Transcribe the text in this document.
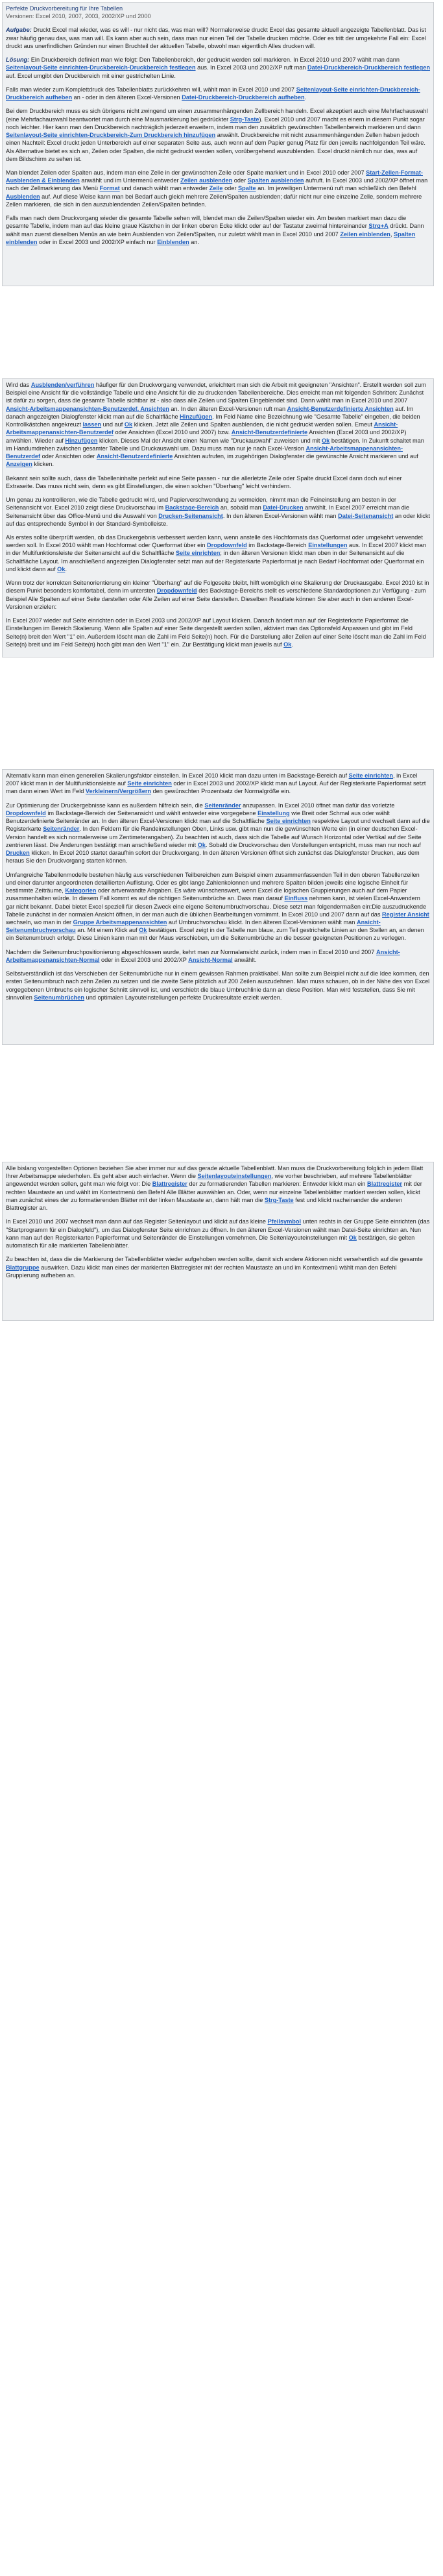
Perfekte Druckvorbereitung für Ihre Tabellen

Versionen: Excel 2010, 2007, 2003, 2002/XP und 2000

Aufgabe: Druckt Excel mal wieder, was es will - nur nicht das, was man will? Normalerweise druckt Excel das gesamte aktuell angezeigte Tabellenblatt. Das ist zwar häufig genau das, was man will. Es kann aber auch sein, dass man nur einen Teil der Tabelle drucken möchte. Oder es tritt der umgekehrte Fall ein: Excel druckt aus unerfindlichen Gründen nur einen Bruchteil der aktuellen Tabelle, obwohl man eigentlich Alles drucken will.

Lösung: Ein Druckbereich definiert man wie folgt: Den Tabellenbereich, der gedruckt werden soll markieren. In Excel 2010 und 2007 wählt man dann Seitenlayout-Seite einrichten-Druckbereich-Druckbereich festlegen aus. In Excel 2003 und 2002/XP ruft man Datei-Druckbereich-Druckbereich festlegen auf. Excel umgibt den Druckbereich mit einer gestrichelten Linie.

Falls man wieder zum Komplettdruck des Tabellenblatts zurückkehren will, wählt man in Excel 2010 und 2007 Seitenlayout-Seite einrichten-Druckbereich-Druckbereich aufheben an - oder in den älteren Excel-Versionen Datei-Druckbereich-Druckbereich aufheben.

Bei dem Druckbereich muss es sich übrigens nicht zwingend um einen zusammenhängenden Zellbereich handeln. Excel akzeptiert auch eine Mehrfachauswahl (eine Mehrfachauswahl beantwortet man durch eine Mausmarkierung bei gedrückter Strg-Taste). Excel 2010 und 2007 macht es einem in diesem Punkt sogar noch leichter. Hier kann man den Druckbereich nachträglich jederzeit erweitern, indem man den zusätzlich gewünschten Tabellenbereich markieren und dann Seitenlayout-Seite einrichten-Druckbereich-Zum Druckbereich hinzufügen anwählt. Druckbereiche mit nicht zusammenhängenden Zellen haben jedoch einen Nachteil: Excel druckt jeden Unterbereich auf einer separaten Seite aus, auch wenn auf dem Papier genug Platz für den jeweils nachfolgenden Teil wäre. Als Alternative bietet es sich an, Zeilen oder Spalten, die nicht gedruckt werden sollen, vorübergehend auszublenden. Excel druckt nämlich nur das, was auf dem Bildschirm zu sehen ist.

Man blendet Zeilen oder Spalten aus, indem man eine Zelle in der gewünschten Zeile oder Spalte markiert und in Excel 2010 oder 2007 Start-Zellen-Format-Ausblenden & Einblenden anwählt und im Untermenü entweder Zeilen ausblenden oder Spalten ausblenden aufruft. In Excel 2003 und 2002/XP öffnet man nach der Zellmarkierung das Menü Format und danach wählt man entweder Zeile oder Spalte an. Im jeweiligen Untermenü ruft man schließlich den Befehl Ausblenden auf. Auf diese Weise kann man bei Bedarf auch gleich mehrere Zeilen/Spalten ausblenden; dafür nicht nur eine einzelne Zelle, sondern mehrere Zellen markieren, die sich in den auszublendenden Zeilen/Spalten befinden.

Falls man nach dem Druckvorgang wieder die gesamte Tabelle sehen will, blendet man die Zeilen/Spalten wieder ein. Am besten markiert man dazu die gesamte Tabelle, indem man auf das kleine graue Kästchen in der linken oberen Ecke klickt oder auf der Tastatur zweimal hintereinander Strg+A drückt. Dann wählt man zuerst dieselben Menüs an wie beim Ausblenden von Zeilen/Spalten, nur zuletzt wählt man in Excel 2010 und 2007 Zeilen einblenden, Spalten einblenden oder in Excel 2003 und 2002/XP einfach nur Einblenden an.

Wird das Ausblenden/verführen häufiger für den Druckvorgang verwendet, erleichtert man sich die Arbeit mit geeigneten "Ansichten". Erstellt werden soll zum Beispiel eine Ansicht für die vollständige Tabelle und eine Ansicht für die zu druckenden Tabellenbereiche. Dies erreicht man mit folgenden Schritten: Zunächst ist dafür zu sorgen, dass die gesamte Tabelle sichtbar ist - also dass alle Zeilen und Spalten Eingeblendet sind. Dann wählt man in Excel 2010 und 2007 Ansicht-Arbeitsmappenansichten-Benutzerdef. Ansichten an. In den älteren Excel-Versionen ruft man Ansicht-Benutzerdefinierte Ansichten auf. Im danach angezeigten Dialogfenster klickt man auf die Schaltfläche Hinzufügen. Im Feld Name eine Bezeichnung wie "Gesamte Tabelle" eingeben, die beiden Kontrollkästchen angekreuzt lassen und auf Ok klicken. Jetzt alle Zeilen und Spalten ausblenden, die nicht gedruckt werden sollen. Erneut Ansicht-Arbeitsmappenansichten-Benutzerdef oder Ansichten (Excel 2010 und 2007) bzw. Ansicht-Benutzerdefinierte Ansichten (Excel 2003 und 2002/XP) anwählen. Wieder auf Hinzufügen klicken. Dieses Mal der Ansicht einen Namen wie "Druckauswahl" zuweisen und mit Ok bestätigen. In Zukunft schaltet man im Handumdrehen zwischen gesamter Tabelle und Druckauswahl um. Dazu muss man nur je nach Excel-Version Ansicht-Arbeitsmappenansichten-Benutzerdef oder Ansichten oder Ansicht-Benutzerdefinierte Ansichten aufrufen, im zugehörigen Dialogfenster die gewünschte Ansicht markieren und auf Anzeigen klicken.

Bekannt sein sollte auch, dass die Tabelleninhalte perfekt auf eine Seite passen - nur die allerletzte Zeile oder Spalte druckt Excel dann doch auf einer Extraseite. Das muss nicht sein, denn es gibt Einstellungen, die einen solchen "Überhang" leicht verhindern.

Um genau zu kontrollieren, wie die Tabelle gedruckt wird, und Papierverschwendung zu vermeiden, nimmt man die Feineinstellung am besten in der Seitenansicht vor. Excel 2010 zeigt diese Druckvorschau im Backstage-Bereich an, sobald man Datei-Drucken anwählt. In Excel 2007 erreicht man die Seitenansicht über das Office-Menü und die Auswahl von Drucken-Seitenansicht. In den älteren Excel-Versionen wählt man Datei-Seitenansicht an oder klickt auf das entsprechende Symbol in der Standard-Symbolleiste.

Als erstes sollte überprüft werden, ob das Druckergebnis verbessert werden kann, wenn anstelle des Hochformats das Querformat oder umgekehrt verwendet werden soll. In Excel 2010 wählt man Hochformat oder Querformat über ein Dropdownfeld im Backstage-Bereich Einstellungen aus. In Excel 2007 klickt man in der Multifunktionsleiste der Seitenansicht auf die Schaltfläche Seite einrichten; in den älteren Versionen klickt man oben in der Seitenansicht auf die Schaltfläche Layout. Im anschließend angezeigten Dialogfenster setzt man auf der Registerkarte Papierformat je nach Bedarf Hochformat oder Querformat ein und klickt dann auf Ok.

Wenn trotz der korrekten Seitenorientierung ein kleiner "Überhang" auf die Folgeseite bleibt, hilft womöglich eine Skalierung der Druckausgabe. Excel 2010 ist in diesem Punkt besonders komfortabel, denn im untersten Dropdownfeld des Backstage-Bereichs stellt es verschiedene Standardoptionen zur Verfügung - zum Beispiel Alle Spalten auf einer Seite darstellen oder Alle Zeilen auf einer Seite darstellen. Dieselben Resultate können Sie aber auch in den anderen Excel-Versionen erzielen:

In Excel 2007 wieder auf Seite einrichten oder in Excel 2003 und 2002/XP auf Layout klicken. Danach ändert man auf der Registerkarte Papierformat die Einstellungen im Bereich Skalierung. Wenn alle Spalten auf einer Seite dargestellt werden sollen, aktiviert man das Optionsfeld Anpassen und gibt im Feld Seite(n) breit den Wert "1" ein. Außerdem löscht man die Zahl im Feld Seite(n) hoch. Für die Darstellung aller Zeilen auf einer Seite löscht man die Zahl im Feld Seite(n) breit und im Feld Seite(n) hoch gibt man den Wert "1" ein. Zur Bestätigung klickt man jeweils auf Ok.

Alternativ kann man einen generellen Skalierungsfaktor einstellen. In Excel 2010 klickt man dazu unten im Backstage-Bereich auf Seite einrichten, in Excel 2007 klickt man in der Multifunktionsleiste auf Seite einrichten oder in Excel 2003 und 2002/XP klickt man auf Layout. Auf der Registerkarte Papierformat setzt man dann einen Wert im Feld Verkleinern/Vergrößern den gewünschten Prozentsatz der Normalgröße ein.

Zur Optimierung der Druckergebnisse kann es außerdem hilfreich sein, die Seitenränder anzupassen. In Excel 2010 öffnet man dafür das vorletzte Dropdownfeld im Backstage-Bereich der Seitenansicht und wählt entweder eine vorgegebene Einstellung wie Breit oder Schmal aus oder wählt Benutzerdefinierte Seitenränder an. In den älteren Excel-Versionen klickt man auf die Schaltfläche Seite einrichten respektive Layout und wechselt dann auf die Registerkarte Seitenränder. In den Feldern für die Randeinstellungen Oben, Links usw. gibt man nun die gewünschten Werte ein (in einer deutschen Excel-Version handelt es sich normalerweise um Zentimeterangaben). Zu beachten ist auch, dass sich die Tabelle auf Wunsch Horizontal oder Vertikal auf der Seite zentrieren lässt. Die Änderungen bestätigt man anschließend wieder mit Ok. Sobald die Druckvorschau den Vorstellungen entspricht, muss man nur noch auf Drucken klicken. In Excel 2010 startet daraufhin sofort der Druckvorgang. In den älteren Versionen öffnet sich zunächst das Dialogfenster Drucken, aus dem heraus Sie den Druckvorgang starten können.

Umfangreiche Tabellenmodelle bestehen häufig aus verschiedenen Teilbereichen zum Beispiel einem zusammenfassenden Teil in den oberen Tabellenzeilen und einer darunter angeordneten detaillierten Auflistung. Oder es gibt lange Zahlenkolonnen und mehrere Spalten bilden jeweils eine logische Einheit für bestimmte Zeiträume, Kategorien oder artverwandte Angaben. Es wäre wünschenswert, wenn Excel die logischen Gruppierungen auch auf dem Papier zusammenhalten würde. In diesem Fall kommt es auf die richtigen Seitenumbrüche an. Dass man darauf Einfluss nehmen kann, ist vielen Excel-Anwendern gar nicht bekannt. Dabei bietet Excel speziell für diesen Zweck eine eigene Seitenumbruchvorschau. Diese setzt man folgendermaßen ein:Die auszudruckende Tabelle zunächst in der normalen Ansicht öffnen, in der man auch die üblichen Bearbeitungen vornimmt. In Excel 2010 und 2007 dann auf das Register Ansicht wechseln, wo man in der Gruppe Arbeitsmappenansichten auf Umbruchvorschau klickt. In den älteren Excel-Versionen wählt man Ansicht-Seitenumbruchvorschau an. Mit einem Klick auf Ok bestätigen. Excel zeigt in der Tabelle nun blaue, zum Teil gestrichelte Linien an den Stellen an, an denen ein Seitenumbruch erfolgt. Diese Linien kann man mit der Maus verschieben, um die Seitenumbrüche an die besser geeigneten Positionen zu verlegen.

Nachdem die Seitenumbruchpositionierung abgeschlossen wurde, kehrt man zur Normalansicht zurück, indem man in Excel 2010 und 2007 Ansicht-Arbeitsmappenansichten-Normal oder in Excel 2003 und 2002/XP Ansicht-Normal anwählt.

Selbstverständlich ist das Verschieben der Seitenumbrüche nur in einem gewissen Rahmen praktikabel. Man sollte zum Beispiel nicht auf die Idee kommen, den ersten Seitenumbruch nach zehn Zeilen zu setzen und die zweite Seite plötzlich auf 200 Zeilen auszudehnen. Man muss schauen, ob in der Nähe des von Excel vorgegebenen Umbruchs ein logischer Schnitt sinnvoll ist, und verschiebt die blaue Umbruchlinie dann an diese Position. Man wird feststellen, dass Sie mit sinnvollen Seitenumbrüchen und optimalen Layouteinstellungen perfekte Druckresultate erzielt werden.

Alle bislang vorgestellten Optionen beziehen Sie aber immer nur auf das gerade aktuelle Tabellenblatt. Man muss die Druckvorbereitung folglich in jedem Blatt Ihrer Arbeitsmappe wiederholen. Es geht aber auch einfacher. Wenn die Seitenlayouteinstellungen, wie vorher beschrieben, auf mehrere Tabellenblätter angewendet werden sollen, geht man wie folgt vor: Die Blattregister der zu formatierenden Tabellen markieren: Entweder klickt man ein Blattregister mit der rechten Maustaste an und wählt im Kontextmenü den Befehl Alle Blätter auswählen an. Oder, wenn nur einzelne Tabellenblätter markiert werden sollen, klickt man zunächst eines der zu formatierenden Blätter mit der linken Maustaste an, dann hält man die Strg-Taste fest und klickt nacheinander die anderen Blattregister an.

In Excel 2010 und 2007 wechselt man dann auf das Register Seitenlayout und klickt auf das kleine Pfeilsymbol unten rechts in der Gruppe Seite einrichten (das "Startprogramm für ein Dialogfeld"), um das Dialogfenster Seite einrichten zu öffnen. In den älteren Excel-Versionen wählt man Datei-Seite einrichten an. Nun kann man auf den Registerkarten Papierformat und Seitenränder die Einstellungen vornehmen. Die Seitenlayouteinstellungen mit Ok bestätigen, sie gelten automatisch für alle markierten Tabellenblätter.

Zu beachten ist, dass die die Markierung der Tabellenblätter wieder aufgehoben werden sollte, damit sich andere Aktionen nicht versehentlich auf die gesamte Blattgruppe auswirken. Dazu klickt man eines der markierten Blattregister mit der rechten Maustaste an und im Kontextmenü wählt man den Befehl Gruppierung aufheben an.
